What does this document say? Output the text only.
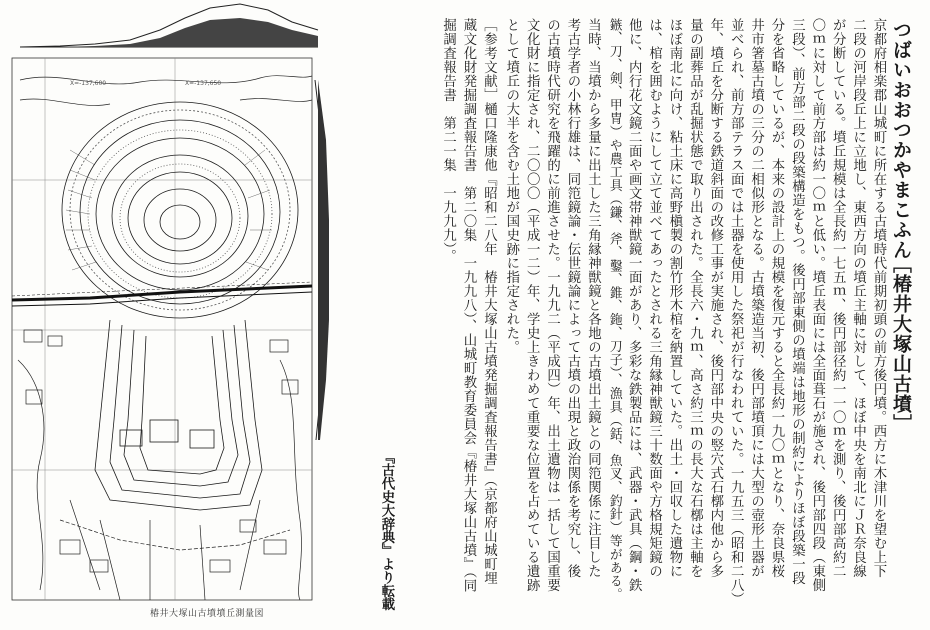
X=-137,600	X=-137,650
椿井大塚山古墳墳丘測量図
つばいおおつかやまこふん
［椿井大塚山古墳］
京都府相楽郡山城町に所在する古墳時代前期初頭の前方後円墳。西方に木津川を望む上下
二段の河岸段丘上に立地し、東西方向の墳丘主軸に対して、ほぼ中央を南北にＪＲ奈良線
が分断している。墳丘規模は全長約一七五ｍ、後円部径約一一〇ｍを測り、後円部高約二
〇ｍに対して前方部は約一〇ｍと低い。墳丘表面には全面葺石が施され、後円部四段（東側
三段）、前方部二段の段築構造をもつ。後円部東側の墳端は地形の制約によりほぼ段築一段
分を省略しているが、本来の設計上の規模を復元すると全長約一九〇ｍとなり、奈良県桜
井市箸墓古墳の三分の二相似形となる。古墳築造当初、後円部墳頂には大型の壺形土器が
並べられ、前方部テラス面では土器を使用した祭祀が行なわれていた。一九五三（昭和二八）
年、墳丘を分断する鉄道斜面の改修工事が実施され、後円部中央の竪穴式石槨内他から多
量の副葬品が乱掘状態で取り出された。全長六・九ｍ、高さ約三ｍの長大な石槨は主軸を
ほぼ南北に向け、粘土床に高野槇製の割竹形木棺を納置していた。出土・回収した遺物に
は、棺を囲むようにして立て並べてあったとされる三角縁神獣鏡三十数面や方格規矩鏡の
他に、内行花文鏡二面や画文帯神獣鏡一面があり、多彩な鉄製品には、武器・武具（鋼・鉄
鏃、刀、剣、甲冑）や農工具（鎌、斧、鑿、錐、鉇、刀子）、漁具（銛、魚叉、釣針）等がある。
当時、当墳から多量に出土した三角縁神獣鏡と各地の古墳出土鏡との同笵関係に注目した
考古学者の小林行雄は、同笵鏡論・伝世鏡論によって古墳の出現と政治関係を考究し、後
の古墳時代研究を飛躍的に前進させた。一九九二（平成四）年、出土遺物は一括して国重要
文化財に指定され、二〇〇〇（平成一二）年、学史上きわめて重要な位置を占めている遺跡
として墳丘の大半を含む土地が国史跡に指定された。
［参考文献］樋口隆康他『昭和二八年　椿井大塚山古墳発掘調査報告書』（京都府山城町埋
蔵文化財発掘調査報告書　第二〇集　一九九八）、山城町教育委員会『椿井大塚山古墳』（同
掘調査報告書　第二一集　一九九九）。
『古代史大辞典』より転載
